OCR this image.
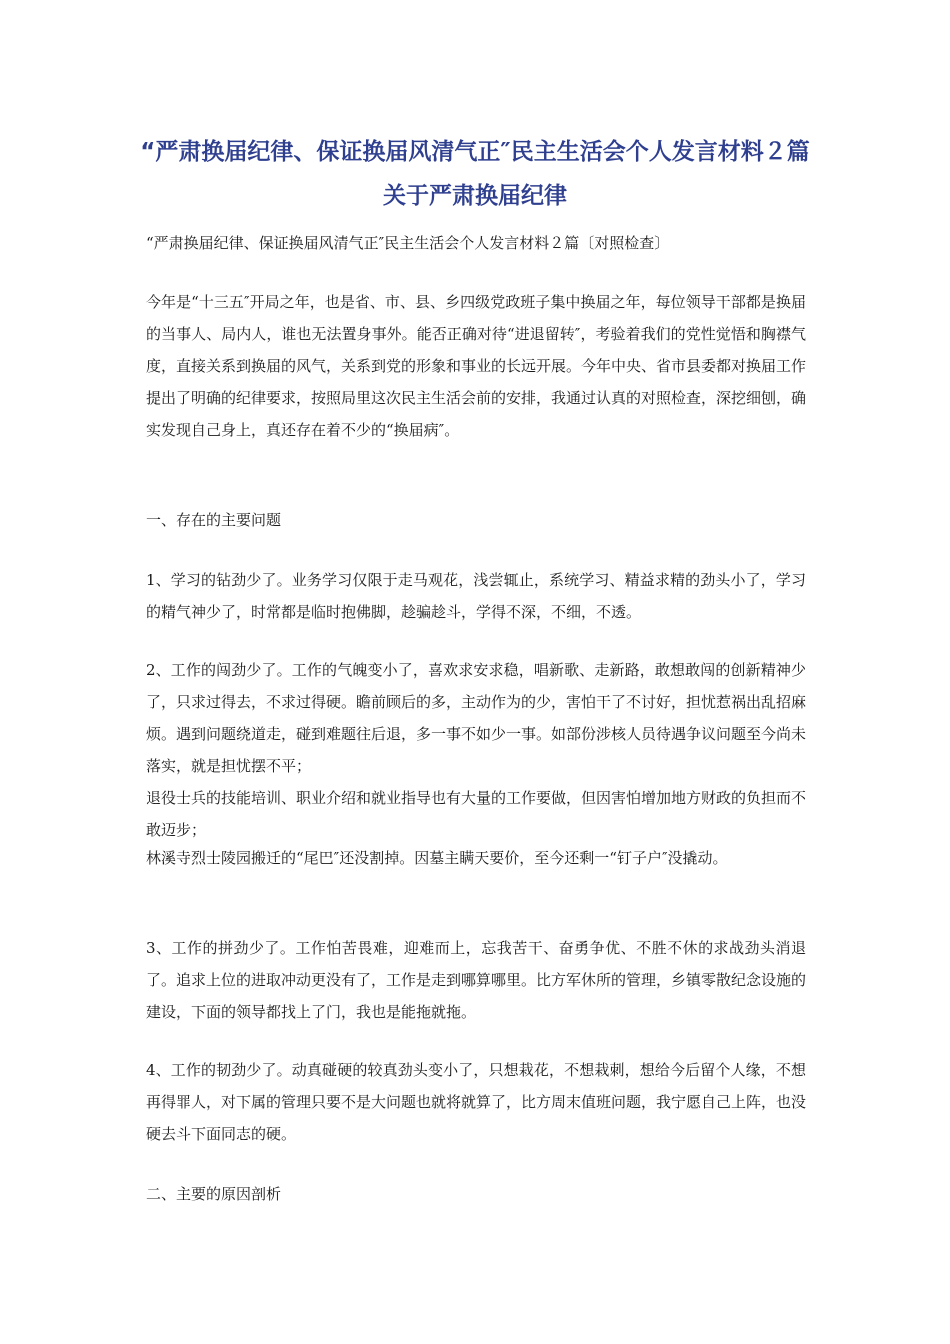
“严肃换届纪律、保证换届风清气正″民主生活会个人发言材料２篇 关于严肃换届纪律

“严肃换届纪律、保证换届风清气正″民主生活会个人发言材料２篇〔对照检查〕

今年是“十三五″开局之年，也是省、市、县、乡四级党政班子集中换届之年，每位领导干部都是换届的当事人、局内人，谁也无法置身事外。能否正确对待“进退留转″，考验着我们的党性觉悟和胸襟气度，直接关系到换届的风气，关系到党的形象和事业的长远开展。今年中央、省市县委都对换届工作提出了明确的纪律要求，按照局里这次民主生活会前的安排，我通过认真的对照检查，深挖细刨，确实发现自己身上，真还存在着不少的“换届病″。

一、存在的主要问题

1、学习的钻劲少了。业务学习仅限于走马观花，浅尝辄止，系统学习、精益求精的劲头小了，学习的精气神少了，时常都是临时抱佛脚，趁骗趁斗，学得不深，不细，不透。

2、工作的闯劲少了。工作的气魄变小了，喜欢求安求稳，唱新歌、走新路，敢想敢闯的创新精神少了，只求过得去，不求过得硬。瞻前顾后的多，主动作为的少，害怕干了不讨好，担忧惹祸出乱招麻烦。遇到问题绕道走，碰到难题往后退，多一事不如少一事。如部份涉核人员待遇争议问题至今尚未落实，就是担忧摆不平；

退役士兵的技能培训、职业介绍和就业指导也有大量的工作要做，但因害怕增加地方财政的负担而不敢迈步；

林溪寺烈士陵园搬迁的“尾巴″还没割掉。因墓主瞒天要价，至今还剩一“钉子户″没撬动。

3、工作的拼劲少了。工作怕苦畏难，迎难而上，忘我苦干、奋勇争优、不胜不休的求战劲头消退了。追求上位的进取冲动更没有了，工作是走到哪算哪里。比方军休所的管理，乡镇零散纪念设施的建设，下面的领导都找上了门，我也是能拖就拖。

4、工作的韧劲少了。动真碰硬的较真劲头变小了，只想栽花，不想栽刺，想给今后留个人缘，不想再得罪人，对下属的管理只要不是大问题也就将就算了，比方周末值班问题，我宁愿自己上阵，也没硬去斗下面同志的硬。

二、主要的原因剖析
